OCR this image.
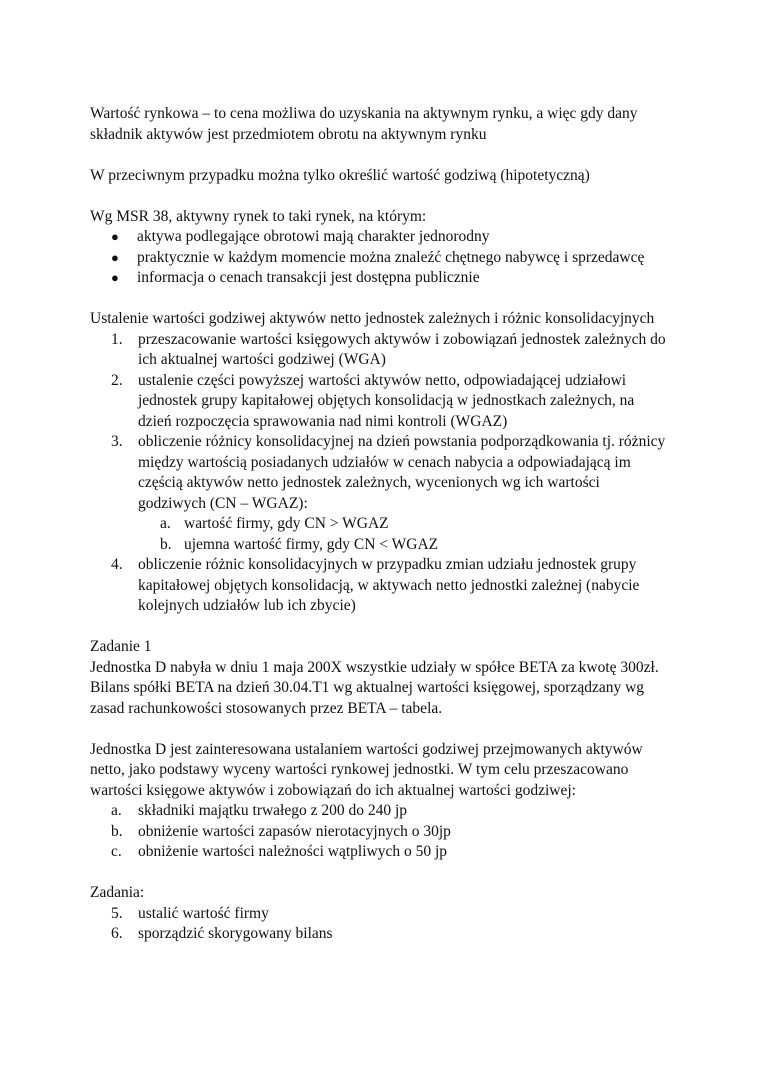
Wartość rynkowa – to cena możliwa do uzyskania na aktywnym rynku, a więc gdy dany składnik aktywów jest przedmiotem obrotu na aktywnym rynku

W przeciwnym przypadku można tylko określić wartość godziwą (hipotetyczną)

Wg MSR 38, aktywny rynek to taki rynek, na którym:

● aktywa podlegające obrotowi mają charakter jednorodny
● praktycznie w każdym momencie można znaleźć chętnego nabywcę i sprzedawcę
● informacja o cenach transakcji jest dostępna publicznie

Ustalenie wartości godziwej aktywów netto jednostek zależnych i różnic konsolidacyjnych

1. przeszacowanie wartości księgowych aktywów i zobowiązań jednostek zależnych do ich aktualnej wartości godziwej (WGA)
2. ustalenie części powyższej wartości aktywów netto, odpowiadającej udziałowi jednostek grupy kapitałowej objętych konsolidacją w jednostkach zależnych, na dzień rozpoczęcia sprawowania nad nimi kontroli (WGAZ)
3. obliczenie różnicy konsolidacyjnej na dzień powstania podporządkowania tj. różnicy między wartością posiadanych udziałów w cenach nabycia a odpowiadającą im częścią aktywów netto jednostek zależnych, wycenionych wg ich wartości godziwych (CN – WGAZ):
a. wartość firmy, gdy CN > WGAZ
b. ujemna wartość firmy, gdy CN < WGAZ
4. obliczenie różnic konsolidacyjnych w przypadku zmian udziału jednostek grupy kapitałowej objętych konsolidacją, w aktywach netto jednostki zależnej (nabycie kolejnych udziałów lub ich zbycie)

Zadanie 1

Jednostka D nabyła w dniu 1 maja 200X wszystkie udziały w spółce BETA za kwotę 300zł. Bilans spółki BETA na dzień 30.04.T1 wg aktualnej wartości księgowej, sporządzany wg zasad rachunkowości stosowanych przez BETA – tabela.

Jednostka D jest zainteresowana ustalaniem wartości godziwej przejmowanych aktywów netto, jako podstawy wyceny wartości rynkowej jednostki. W tym celu przeszacowano wartości księgowe aktywów i zobowiązań do ich aktualnej wartości godziwej:

a. składniki majątku trwałego z 200 do 240 jp
b. obniżenie wartości zapasów nierotacyjnych o 30jp
c. obniżenie wartości należności wątpliwych o 50 jp

Zadania:

5. ustalić wartość firmy
6. sporządzić skorygowany bilans
